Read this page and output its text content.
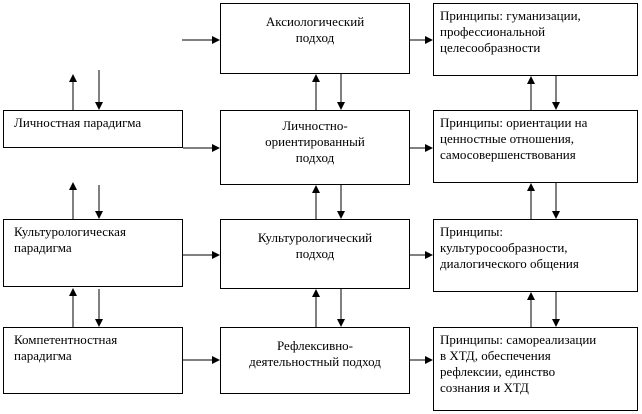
Личностная парадигма
Культурологическая
парадигма
Компетентностная
парадигма
Аксиологический
подход
Личностно-
ориентированный
подход
Культурологический
подход
Рефлексивно-
деятельностный подход
Принципы: гуманизации,
профессиональной
целесообразности
Принципы: ориентации на
ценностные отношения,
самосовершенствования
Принципы:
культуросообразности,
диалогического общения
Принципы: самореализации
в ХТД, обеспечения
рефлексии, единство
сознания и ХТД
